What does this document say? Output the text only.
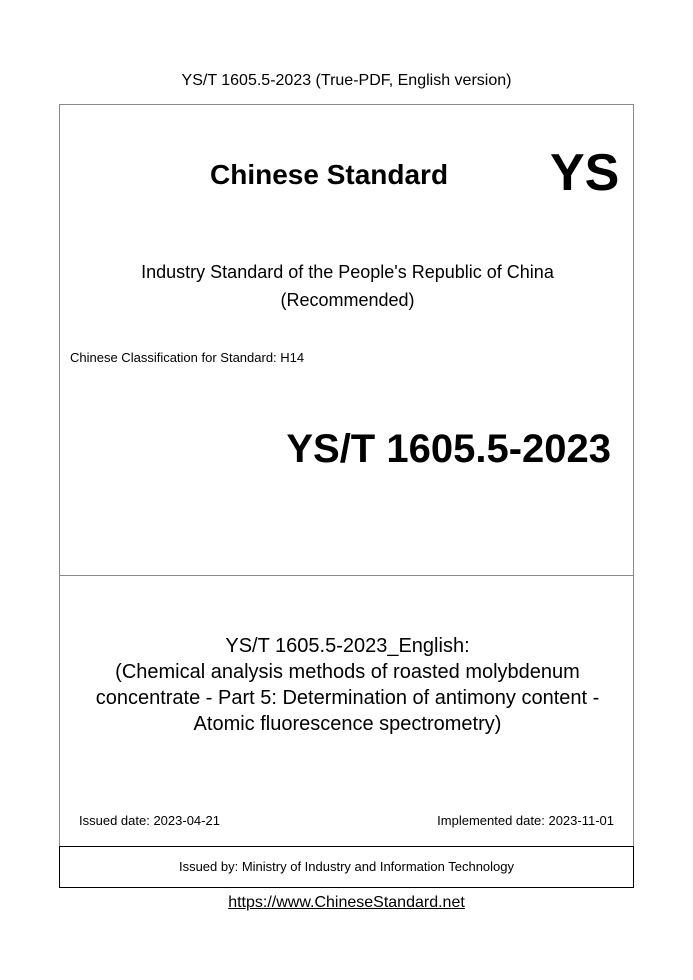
YS/T 1605.5-2023 (True-PDF, English version)
Chinese Standard YS
Industry Standard of the People's Republic of China
(Recommended)
Chinese Classification for Standard: H14
YS/T 1605.5-2023
YS/T 1605.5-2023_English:
(Chemical analysis methods of roasted molybdenum
concentrate - Part 5: Determination of antimony content -
Atomic fluorescence spectrometry)
Issued date: 2023-04-21	Implemented date: 2023-11-01
Issued by: Ministry of Industry and Information Technology
https://www.ChineseStandard.net
